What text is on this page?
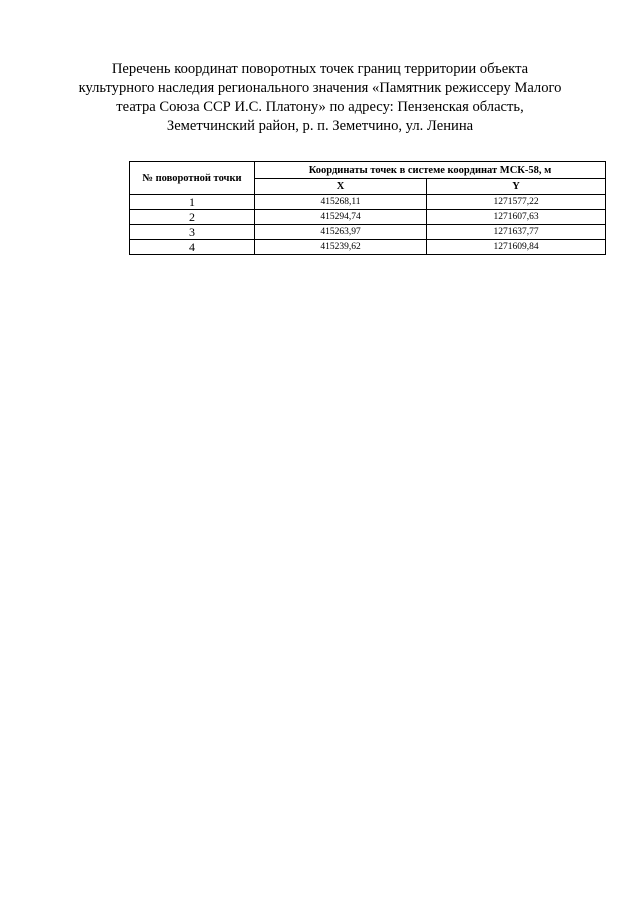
Перечень координат поворотных точек границ территории объекта
культурного наследия регионального значения «Памятник режиссеру Малого
театра Союза ССР И.С. Платону» по адресу: Пензенская область,
Земетчинский район, р. п. Земетчино, ул. Ленина
№ поворотной точки	Координаты точек в системе координат МСК-58, м	
	X	Y
1	415268,11	1271577,22
2	415294,74	1271607,63
3	415263,97	1271637,77
4	415239,62	1271609,84
